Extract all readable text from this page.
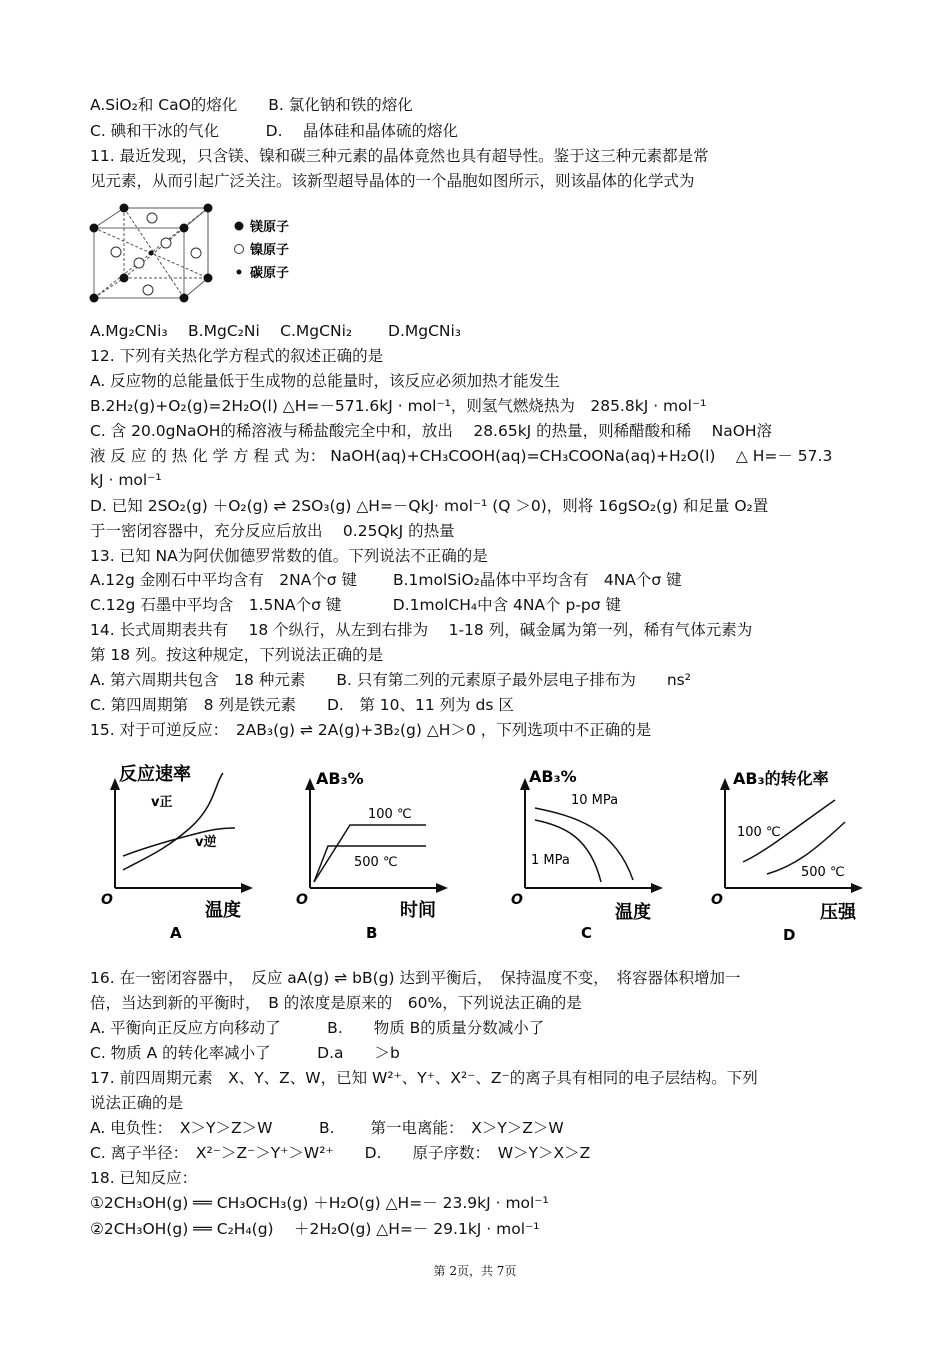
A.SiO₂和 CaO的熔化　　B. 氯化钠和铁的熔化
C. 碘和干冰的气化　　　D.　 晶体硅和晶体硫的熔化
11. 最近发现，只含镁、镍和碳三种元素的晶体竟然也具有超导性。鉴于这三种元素都是常
见元素，从而引起广泛关注。该新型超导晶体的一个晶胞如图所示，则该晶体的化学式为
镁原子
镍原子
碳原子
A.Mg₂CNi₃　 B.MgC₂Ni　 C.MgCNi₂　　 D.MgCNi₃
12. 下列有关热化学方程式的叙述正确的是
A. 反应物的总能量低于生成物的总能量时，该反应必须加热才能发生
B.2H₂(g)+O₂(g)=2H₂O(l) △H=－571.6kJ · mol⁻¹，则氢气燃烧热为　285.8kJ · mol⁻¹
C. 含 20.0gNaOH的稀溶液与稀盐酸完全中和，放出　 28.65kJ 的热量，则稀醋酸和稀　 NaOH溶
液 反 应 的 热 化 学 方 程 式 为： NaOH(aq)+CH₃COOH(aq)=CH₃COONa(aq)+H₂O(l)　 △ H=－ 57.3
kJ · mol⁻¹
D. 已知 2SO₂(g) ＋O₂(g) ⇌ 2SO₃(g) △H=－QkJ· mol⁻¹ (Q ＞0)，则将 16gSO₂(g) 和足量 O₂置
于一密闭容器中，充分反应后放出　 0.25QkJ 的热量
13. 已知 NA为阿伏伽德罗常数的值。下列说法不正确的是
A.12g 金刚石中平均含有　2NA个σ 键　　 B.1molSiO₂晶体中平均含有　4NA个σ 键
C.12g 石墨中平均含　1.5NA个σ 键　　　 D.1molCH₄中含 4NA个 p-pσ 键
14. 长式周期表共有　 18 个纵行，从左到右排为　 1-18 列，碱金属为第一列，稀有气体元素为
第 18 列。按这种规定，下列说法正确的是
A. 第六周期共包含　18 种元素　　B. 只有第二列的元素原子最外层电子排布为　　ns²
C. 第四周期第　8 列是铁元素　　D.　第 10、11 列为 ds 区
15. 对于可逆反应：　2AB₃(g) ⇌ 2A(g)+3B₂(g) △H＞0 ，下列选项中不正确的是
反应速率
温度
O
A
v正
v逆
AB₃%
时间
O
B
100 ℃
500 ℃
AB₃%
温度
O
C
10 MPa
1 MPa
AB₃的转化率
压强
O
D
100 ℃
500 ℃
16. 在一密闭容器中，　反应 aA(g) ⇌ bB(g) 达到平衡后，　保持温度不变，　将容器体积增加一
倍，当达到新的平衡时，　B 的浓度是原来的　60%，下列说法正确的是
A. 平衡向正反应方向移动了　　　B.　　物质 B的质量分数减小了
C. 物质 A 的转化率减小了　　　D.a　　＞b
17. 前四周期元素　X、Y、Z、W，已知 W²⁺、Y⁺、X²⁻、Z⁻的离子具有相同的电子层结构。下列
说法正确的是
A. 电负性：　X＞Y＞Z＞W　　　B.　　 第一电离能：　X＞Y＞Z＞W
C. 离子半径：　X²⁻＞Z⁻＞Y⁺＞W²⁺　　D.　　原子序数：　W＞Y＞X＞Z
18. 已知反应：
①2CH₃OH(g) ══ CH₃OCH₃(g) ＋H₂O(g) △H=－ 23.9kJ · mol⁻¹
②2CH₃OH(g) ══ C₂H₄(g) 　＋2H₂O(g) △H=－ 29.1kJ · mol⁻¹
第 2页，共 7页
